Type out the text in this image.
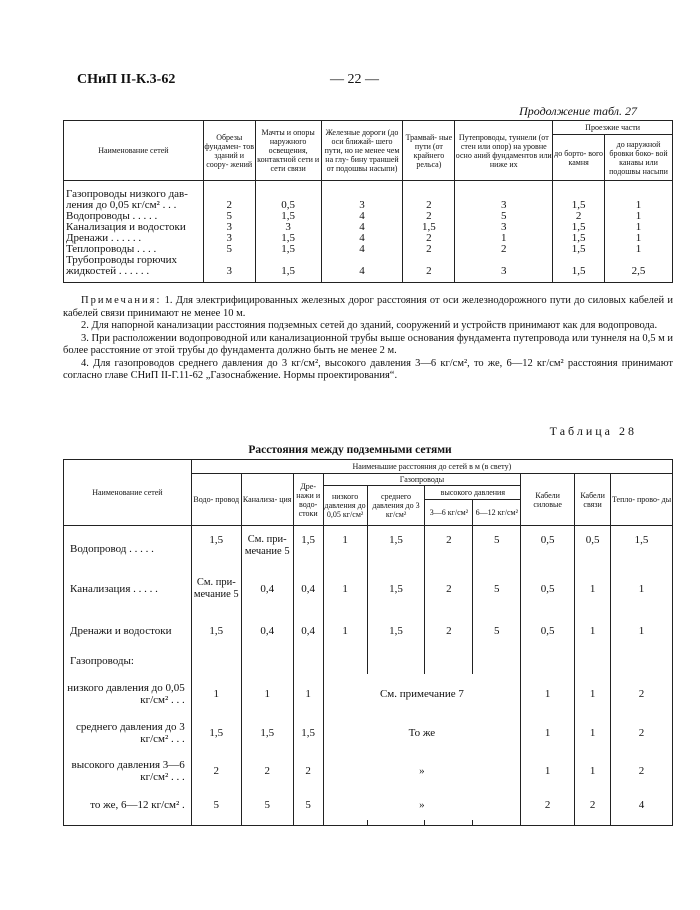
СНиП II-К.3-62	— 22 —
Продолжение табл. 27
Наименование сетей	Обрезы фундамен- тов зданий и соору- жений	Мачты и опоры наружного освещения, контактной сети и сети связи	Железные дороги (до оси ближай- шего пути, но не менее чем на глу- бину траншей от подошвы насыпи)	Трамвай- ные пути (от крайнего рельса)	Путепроводы, туннели (от стен или опор) на уровне осно аний фундаментов или ниже их	Проезжие части	
						до борто- вого камня	до наружной бровки боко- вой канавы или подошвы насыпи

Газопроводы низкого дав-
ления до 0,05 кг/см² . . .	2	0,5	3	2	3	1,5	1
Водопроводы . . . . .	5	1,5	4	2	5	2	1
Канализация и водостоки	3	3	4	1,5	3	1,5	1
Дренажи . . . . . .	3	1,5	4	2	1	1,5	1
Теплопроводы . . . .	5	1,5	4	2	2	1,5	1

Трубопроводы горючих
жидкостей . . . . . .	3	1,5	4	2	3	1,5	2,5

Примечания: 1. Для электрифицированных железных дорог расстояния от оси железнодорожного пути до силовых кабелей и кабелей связи принимают не менее 10 м.

2. Для напорной канализации расстояния подземных сетей до зданий, сооружений и устройств принимают как для водопровода.

3. При расположении водопроводной или канализационной трубы выше основания фундамента путепровода или туннеля на 0,5 м и более расстояние от этой трубы до фундамента должно быть не менее 2 м.

4. Для газопроводов среднего давления до 3 кг/см², высокого давления 3—6 кг/см², то же, 6—12 кг/см² расстояния принимают согласно главе СНиП II-Г.11-62 „Газоснабжение. Нормы проектирования“.

Таблица 28
Расстояния между подземными сетями
Наименование сетей	Наименьшие расстояния до сетей в м (в свету)									
	Водо- провод	Канализа- ция	Дре- нажи и водо- стоки	Газопроводы				Кабели силовые	Кабели связи	Тепло- прово- ды
				низкого давления до 0,05 кг/см²	среднего давления до 3 кг/см²	высокого давления				
						3—6 кг/см²	6—12 кг/см²			

Водопровод . . . . .	1,5	См. при- мечание 5	1,5	1	1,5	2	5	0,5	0,5	1,5
Канализация . . . . .	См. при- мечание 5	0,4	0,4	1	1,5	2	5	0,5	1	1
Дренажи и водостоки	1,5	0,4	0,4	1	1,5	2	5	0,5	1	1
Газопроводы:										
низкого давления до 0,05 кг/см² . . .	1	1	1	См. примечание 7				1	1	2
среднего давления до 3 кг/см² . . .	1,5	1,5	1,5	То же				1	1	2
высокого давления 3—6 кг/см² . . .	2	2	2	»				1	1	2
то же, 6—12 кг/см² .	5	5	5	»				2	2	4
